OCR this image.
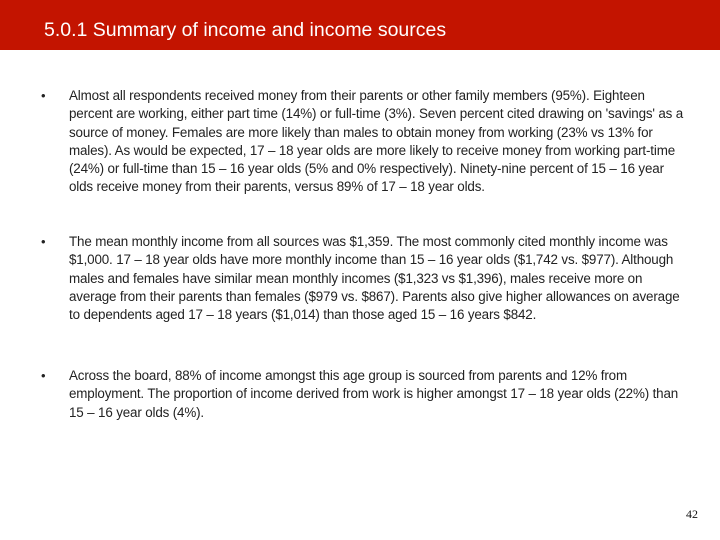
5.0.1 Summary of income and income sources
• Almost all respondents received money from their parents or other family members (95%). Eighteen percent are working, either part time (14%) or full-time (3%). Seven percent cited drawing on 'savings' as a source of money. Females are more likely than males to obtain money from working (23% vs 13% for males). As would be expected, 17 – 18 year olds are more likely to receive money from working part-time (24%) or full-time than 15 – 16 year olds (5% and 0% respectively). Ninety-nine percent of 15 – 16 year olds receive money from their parents, versus 89% of 17 – 18 year olds.
• The mean monthly income from all sources was $1,359. The most commonly cited monthly income was $1,000. 17 – 18 year olds have more monthly income than 15 – 16 year olds ($1,742 vs. $977). Although males and females have similar mean monthly incomes ($1,323 vs $1,396), males receive more on average from their parents than females ($979 vs. $867). Parents also give higher allowances on average to dependents aged 17 – 18 years ($1,014) than those aged 15 – 16 years $842.
• Across the board, 88% of income amongst this age group is sourced from parents and 12% from employment. The proportion of income derived from work is higher amongst 17 – 18 year olds (22%) than 15 – 16 year olds (4%).
42
